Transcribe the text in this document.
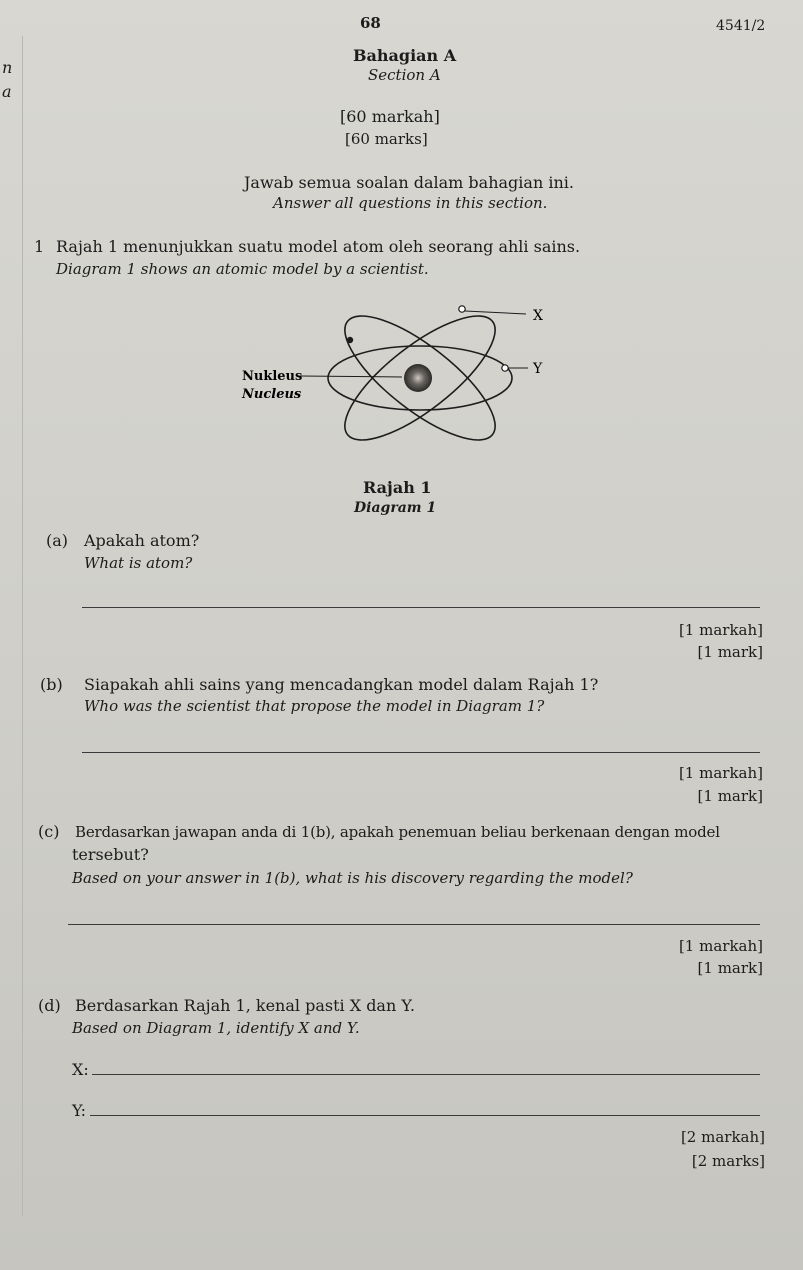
68	4541/2
n
a
Bahagian A
Section A
[60 markah]
[60 marks]
Jawab semua soalan dalam bahagian ini.
Answer all questions in this section.
1 Rajah 1 menunjukkan suatu model atom oleh seorang ahli sains.
Diagram 1 shows an atomic model by a scientist.
X
Y
Nukleus
Nucleus
Rajah 1
Diagram 1
(a) Apakah atom?
What is atom?
[1 markah]
[1 mark]
(b) Siapakah ahli sains yang mencadangkan model dalam Rajah 1?
Who was the scientist that propose the model in Diagram 1?
[1 markah]
[1 mark]
(c) Berdasarkan jawapan anda di 1(b), apakah penemuan beliau berkenaan dengan model
tersebut?
Based on your answer in 1(b), what is his discovery regarding the model?
[1 markah]
[1 mark]
(d) Berdasarkan Rajah 1, kenal pasti X dan Y.
Based on Diagram 1, identify X and Y.
X:
Y:
[2 markah]
[2 marks]
